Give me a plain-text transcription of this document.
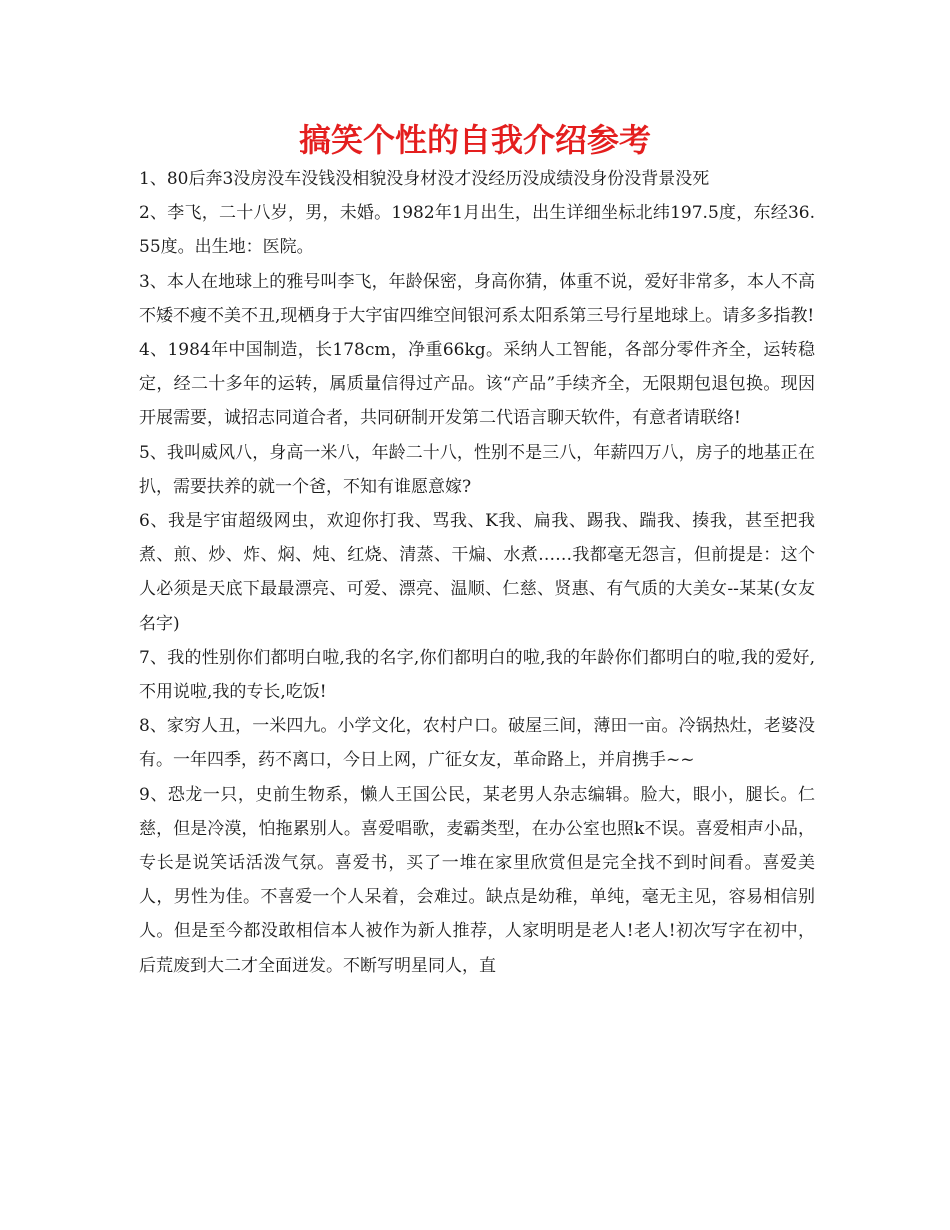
搞笑个性的自我介绍参考

1、80后奔3没房没车没钱没相貌没身材没才没经历没成绩没身份没背景没死

2、李飞，二十八岁，男，未婚。1982年1月出生，出生详细坐标北纬197.5度，东经36.55度。出生地：医院。

3、本人在地球上的雅号叫李飞，年龄保密，身高你猜，体重不说，爱好非常多，本人不高不矮不瘦不美不丑,现栖身于大宇宙四维空间银河系太阳系第三号行星地球上。请多多指教!

4、1984年中国制造，长178cm，净重66kg。采纳人工智能，各部分零件齐全，运转稳定，经二十多年的运转，属质量信得过产品。该“产品”手续齐全，无限期包退包换。现因开展需要，诚招志同道合者，共同研制开发第二代语言聊天软件，有意者请联络!

5、我叫威风八，身高一米八，年龄二十八，性别不是三八，年薪四万八，房子的地基正在扒，需要扶养的就一个爸，不知有谁愿意嫁?

6、我是宇宙超级网虫，欢迎你打我、骂我、K我、扁我、踢我、踹我、揍我，甚至把我煮、煎、炒、炸、焖、炖、红烧、清蒸、干煸、水煮……我都毫无怨言，但前提是：这个人必须是天底下最最漂亮、可爱、漂亮、温顺、仁慈、贤惠、有气质的大美女--某某(女友名字)

7、我的性别你们都明白啦,我的名字,你们都明白的啦,我的年龄你们都明白的啦,我的爱好,不用说啦,我的专长,吃饭!

8、家穷人丑，一米四九。小学文化，农村户口。破屋三间，薄田一亩。冷锅热灶，老婆没有。一年四季，药不离口，今日上网，广征女友，革命路上，并肩携手~~

9、恐龙一只，史前生物系，懒人王国公民，某老男人杂志编辑。脸大，眼小，腿长。仁慈，但是冷漠，怕拖累别人。喜爱唱歌，麦霸类型，在办公室也照k不误。喜爱相声小品，专长是说笑话活泼气氛。喜爱书，买了一堆在家里欣赏但是完全找不到时间看。喜爱美人，男性为佳。不喜爱一个人呆着，会难过。缺点是幼稚，单纯，毫无主见，容易相信别人。但是至今都没敢相信本人被作为新人推荐，人家明明是老人!老人!初次写字在初中，后荒废到大二才全面迸发。不断写明星同人，直
